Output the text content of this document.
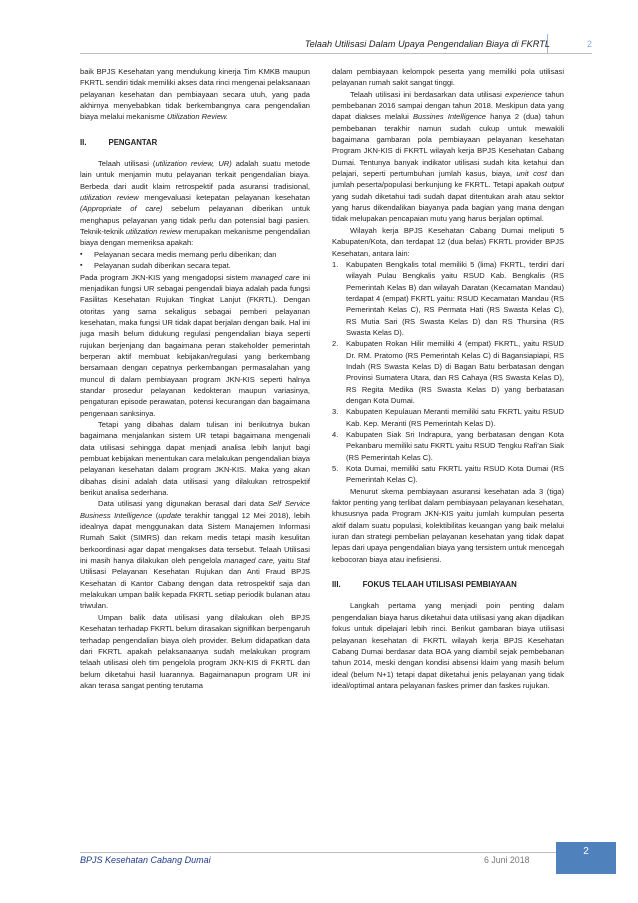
Telaah Utilisasi Dalam Upaya Pengendalian Biaya di FKRTL	2

baik BPJS Kesehatan yang mendukung kinerja Tim KMKB maupun FKRTL sendiri tidak memiliki akses data rinci mengenai pelaksanaan pelayanan kesehatan dan pembiayaan secara utuh, yang pada akhirnya menyebabkan tidak berkembangnya cara pengendalian biaya melalui mekanisme Utilization Review.

II.	PENGANTAR

Telaah utilisasi (utilization review, UR) adalah suatu metode lain untuk menjamin mutu pelayanan terkait pengendalian biaya. Berbeda dari audit klaim retrospektif pada asuransi tradisional, utilization review mengevaluasi ketepatan pelayanan kesehatan (Appropriate of care) sebelum pelayanan diberikan untuk menghapus pelayanan yang tidak perlu dan potensial bagi pasien. Teknik-teknik utilization review merupakan mekanisme pengendalian biaya dengan memeriksa apakah:

▪	Pelayanan secara medis memang perlu diberikan; dan
▪	Pelayanan sudah diberikan secara tepat.

Pada program JKN-KIS yang mengadopsi sistem managed care ini menjadikan fungsi UR sebagai pengendali biaya adalah pada fungsi Fasilitas Kesehatan Rujukan Tingkat Lanjut (FKRTL). Dengan otoritas yang sama sekaligus sebagai pemberi pelayanan kesehatan, maka fungsi UR tidak dapat berjalan dengan baik. Hal ini juga masih belum didukung regulasi pengendalian biaya seperti rujukan berjenjang dan bagaimana peran stakeholder pemerintah berperan aktif membuat kebijakan/regulasi yang berkembang bersamaan dengan cepatnya perkembangan permasalahan yang muncul di dalam pembiayaan program JKN-KIS seperti halnya standar prosedur pelayanan kedokteran maupun variasinya, pengaturan episode perawatan, potensi kecurangan dan bagaimana pengenaan sanksinya.

Tetapi yang dibahas dalam tulisan ini berikutnya bukan bagaimana menjalankan sistem UR tetapi bagaimana mengenali data utilisasi sehingga dapat menjadi analisa lebih lanjut bagi pembuat kebijakan menentukan cara melakukan pengendalian biaya pelayanan kesehatan dalam program JKN-KIS. Maka yang akan dibahas disini adalah data utilisasi yang dilakukan retrospektif berikut analisa sederhana.

Data utilisasi yang digunakan berasal dari data Self Service Business Intelligence (update terakhir tanggal 12 Mei 2018), lebih idealnya dapat menggunakan data Sistem Manajemen Informasi Rumah Sakit (SIMRS) dan rekam medis tetapi masih kesulitan berkoordinasi agar dapat mengakses data tersebut. Telaah Utilisasi ini masih hanya dilakukan oleh pengelola managed care, yaitu Staf Utilisasi Pelayanan Kesehatan Rujukan dan Anti Fraud BPJS Kesehatan di Kantor Cabang dengan data retrospektif saja dan melakukan umpan balik kepada FKRTL setiap periodik bulanan atau triwulan.

Umpan balik data utilisasi yang dilakukan oleh BPJS Kesehatan terhadap FKRTL belum dirasakan signifikan berpengaruh terhadap pengendalian biaya oleh provider. Belum didapatkan data dari FKRTL apakah pelaksanaanya sudah melakukan program telaah utilisasi oleh tim pengelola program JKN-KIS di FKRTL dan belum diketahui hasil luarannya. Bagaimanapun program UR ini akan terasa sangat penting terutama

dalam pembiayaan kelompok peserta yang memiliki pola utilisasi pelayanan rumah sakit sangat tinggi.

Telaah utilisasi ini berdasarkan data utilisasi experience tahun pembebanan 2016 sampai dengan tahun 2018. Meskipun data yang dapat diakses melalui Bussines Intelligence hanya 2 (dua) tahun pembebanan terakhir namun sudah cukup untuk mewakili bagaimana gambaran pola pembiayaan pelayanan kesehatan Program JKN-KIS di FKRTL wilayah kerja BPJS Kesehatan Cabang Dumai. Tentunya banyak indikator utilisasi sudah kita ketahui dan pelajari, seperti pertumbuhan jumlah kasus, biaya, unit cost dan jumlah peserta/populasi berkunjung ke FKRTL. Tetapi apakah output yang sudah diketahui tadi sudah dapat ditentukan arah atau sektor yang harus dikendalikan biayanya pada bagian yang mana dengan tidak melupakan pencapaian mutu yang harus berjalan optimal.

Wilayah kerja BPJS Kesehatan Cabang Dumai meliputi 5 Kabupaten/Kota, dan terdapat 12 (dua belas) FKRTL provider BPJS Kesehatan, antara lain:

1.	Kabupaten Bengkalis total memiliki 5 (lima) FKRTL, terdiri dari wilayah Pulau Bengkalis yaitu RSUD Kab. Bengkalis (RS Pemerintah Kelas B) dan wilayah Daratan (Kecamatan Mandau) terdapat 4 (empat) FKRTL yaitu: RSUD Kecamatan Mandau (RS Pemerintah Kelas C), RS Permata Hati (RS Swasta Kelas C), RS Mutia Sari (RS Swasta Kelas D) dan RS Thursina (RS Swasta Kelas D).
2.	Kabupaten Rokan Hilir memiliki 4 (empat) FKRTL, yaitu RSUD Dr. RM. Pratomo (RS Pemerintah Kelas C) di Bagansiapiapi, RS Indah (RS Swasta Kelas D) di Bagan Batu berbatasan dengan Provinsi Sumatera Utara, dan RS Cahaya (RS Swasta Kelas D), RS Regita Medika (RS Swasta Kelas D) yang berbatasan dengan Kota Dumai.
3.	Kabupaten Kepulauan Meranti memiliki satu FKRTL yaitu RSUD Kab. Kep. Meranti (RS Pemerintah Kelas D).
4.	Kabupaten Siak Sri Indrapura, yang berbatasan dengan Kota Pekanbaru memiliki satu FKRTL yaitu RSUD Tengku Rafi'an Siak (RS Pemerintah Kelas C).
5.	Kota Dumai, memiliki satu FKRTL yaitu RSUD Kota Dumai (RS Pemerintah Kelas C).

Menurut skema pembiayaan asuransi kesehatan ada 3 (tiga) faktor penting yang terlibat dalam pembiayaan pelayanan kesehatan, khususnya pada Program JKN-KIS yaitu jumlah kumpulan peserta aktif dalam suatu populasi, kolektibilitas keuangan yang baik melalui iuran dan strategi pembelian pelayanan kesehatan yang tidak dapat lepas dari upaya pengendalian biaya yang tersistem untuk mencegah kebocoran biaya atau inefisiensi.

III.	FOKUS TELAAH UTILISASI PEMBIAYAAN

Langkah pertama yang menjadi poin penting dalam pengendalian biaya harus diketahui data utilisasi yang akan dijadikan fokus untuk dipelajari lebih rinci. Berikut gambaran biaya utilisasi pelayanan kesehatan di FKRTL wilayah kerja BPJS Kesehatan Cabang Dumai berdasar data BOA yang diambil sejak pembebanan tahun 2014, meski dengan kondisi absensi klaim yang masih belum ideal (belum N+1) tetapi dapat diketahui jenis pelayanan yang tidak ideal/optimal antara pelayanan faskes primer dan faskes rujukan.

BPJS Kesehatan Cabang Dumai	6 Juni 2018
2
